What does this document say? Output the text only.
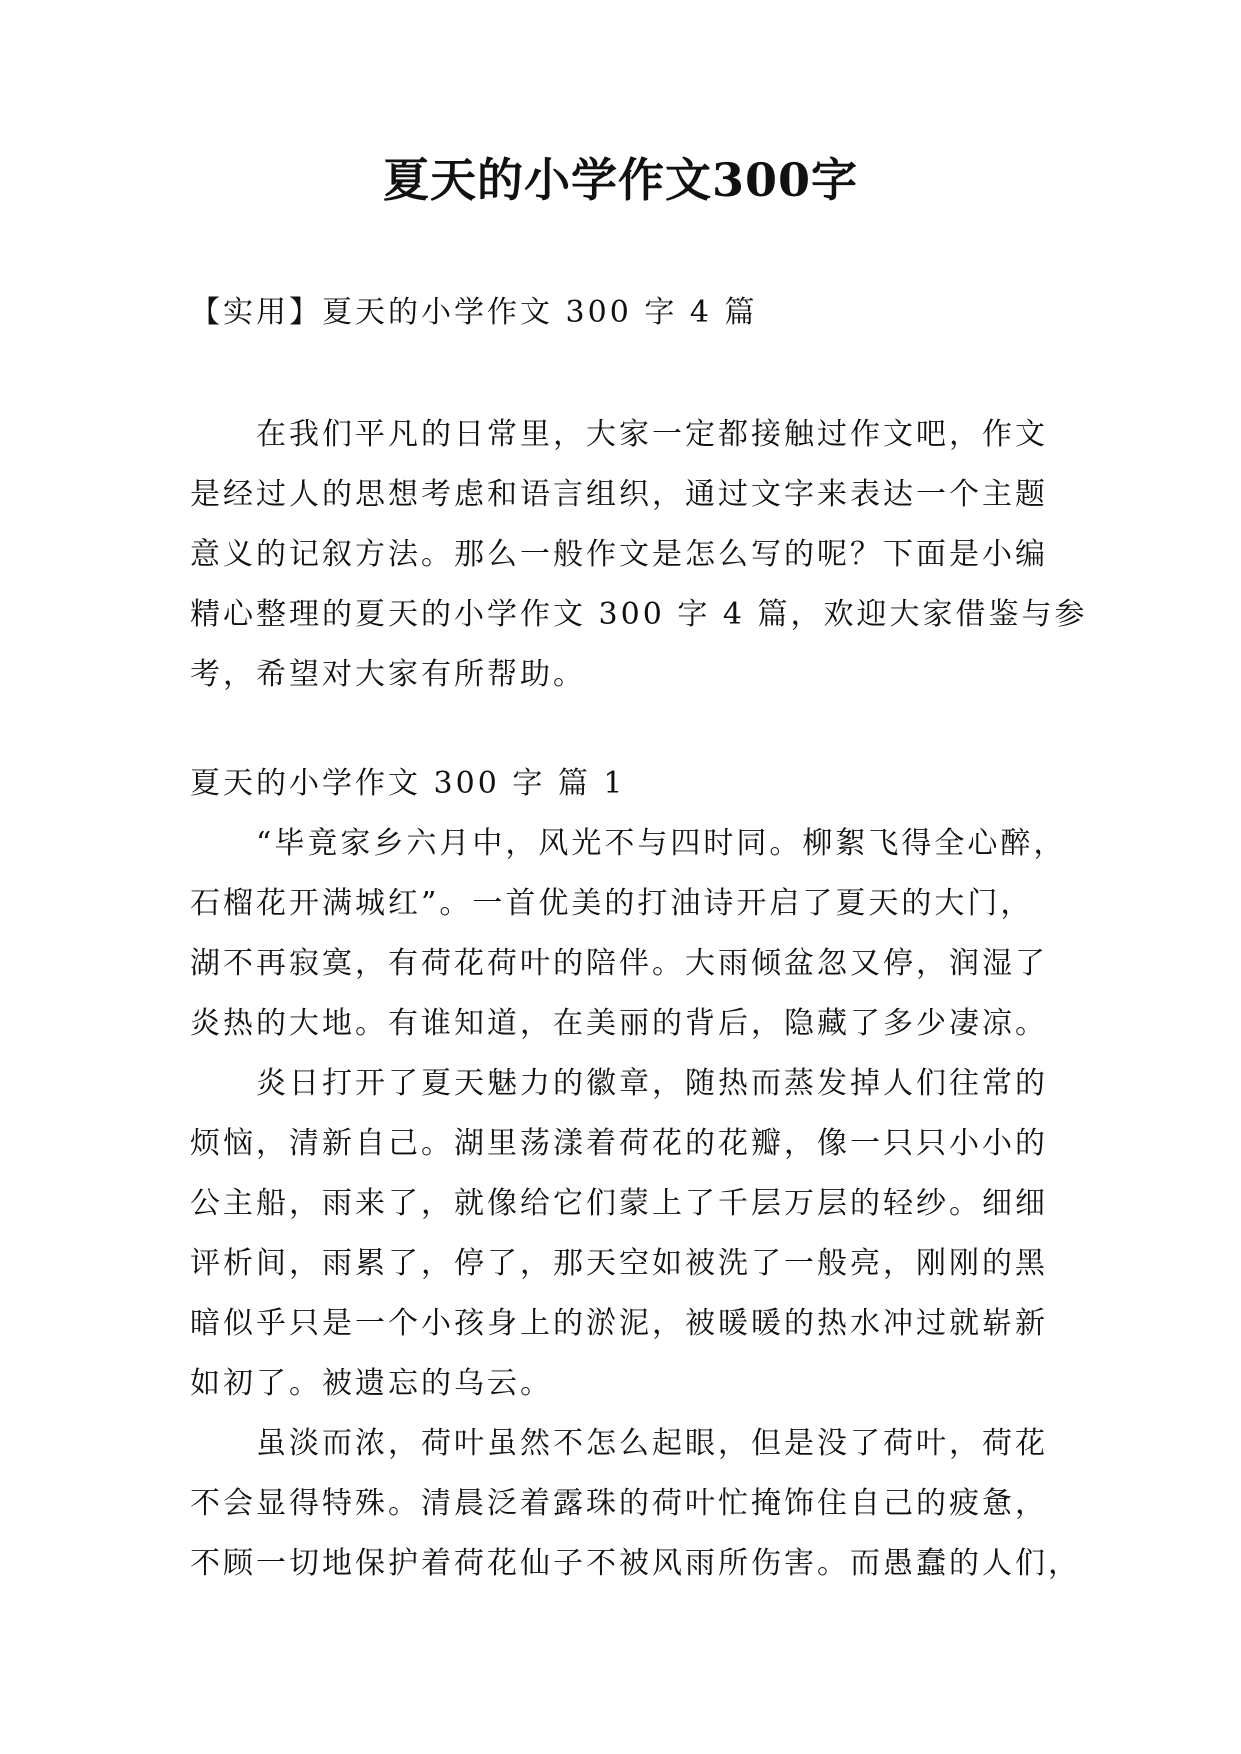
夏天的小学作文300字
【实用】夏天的小学作文 300 字 4 篇
　　在我们平凡的日常里，大家一定都接触过作文吧，作文
是经过人的思想考虑和语言组织，通过文字来表达一个主题
意义的记叙方法。那么一般作文是怎么写的呢？下面是小编
精心整理的夏天的小学作文 300 字 4 篇，欢迎大家借鉴与参
考，希望对大家有所帮助。
夏天的小学作文 300 字 篇 1
　　“毕竟家乡六月中，风光不与四时同。柳絮飞得全心醉，
石榴花开满城红”。一首优美的打油诗开启了夏天的大门，
湖不再寂寞，有荷花荷叶的陪伴。大雨倾盆忽又停，润湿了
炎热的大地。有谁知道，在美丽的背后，隐藏了多少凄凉。
　　炎日打开了夏天魅力的徽章，随热而蒸发掉人们往常的
烦恼，清新自己。湖里荡漾着荷花的花瓣，像一只只小小的
公主船，雨来了，就像给它们蒙上了千层万层的轻纱。细细
评析间，雨累了，停了，那天空如被洗了一般亮，刚刚的黑
暗似乎只是一个小孩身上的淤泥，被暖暖的热水冲过就崭新
如初了。被遗忘的乌云。
　　虽淡而浓，荷叶虽然不怎么起眼，但是没了荷叶，荷花
不会显得特殊。清晨泛着露珠的荷叶忙掩饰住自己的疲惫，
不顾一切地保护着荷花仙子不被风雨所伤害。而愚蠢的人们，
